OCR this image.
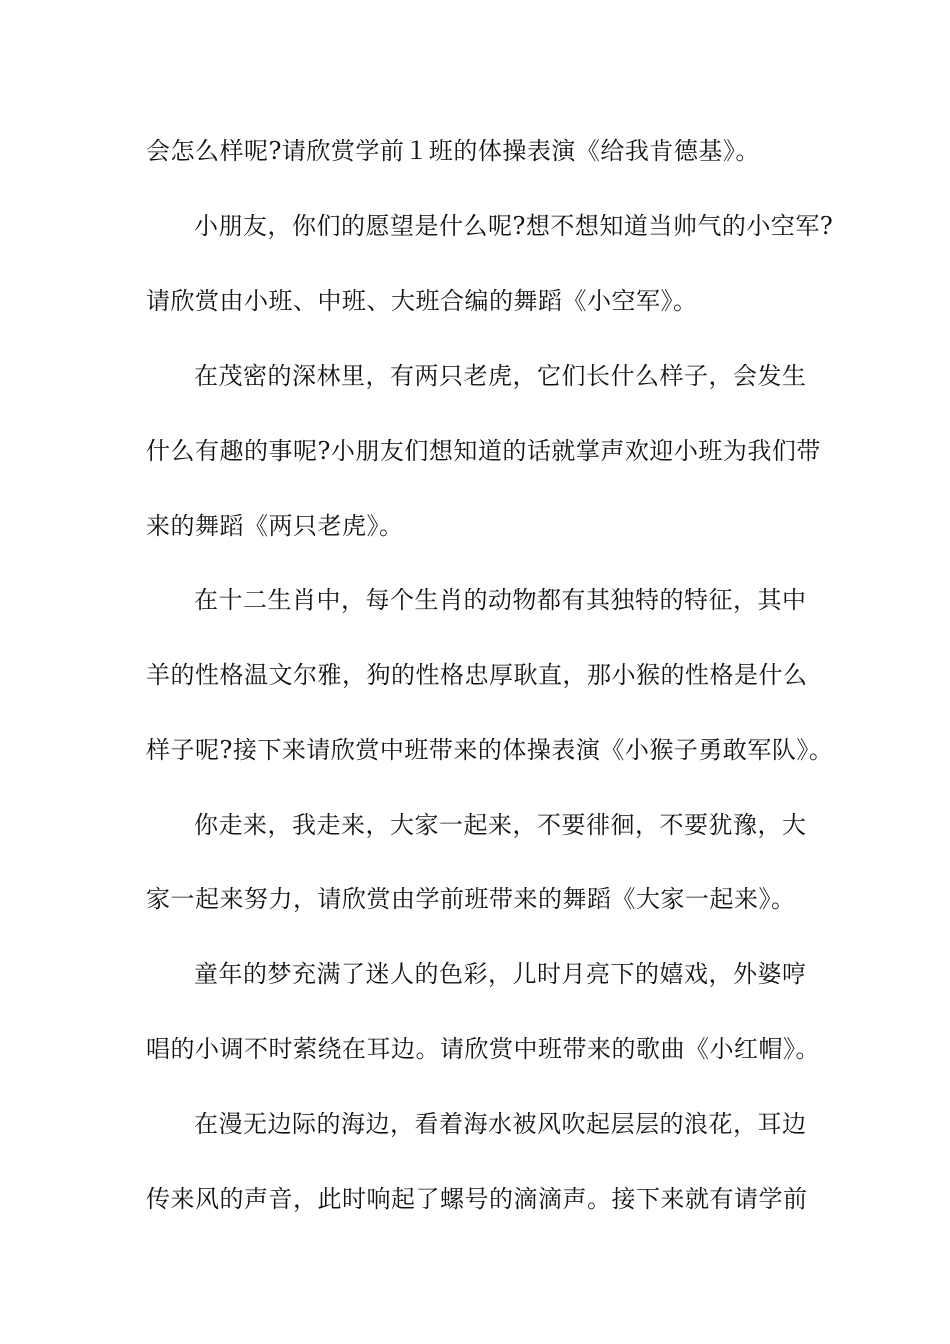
会怎么样呢?请欣赏学前１班的体操表演《给我肯德基》。

小朋友，你们的愿望是什么呢?想不想知道当帅气的小空军?

请欣赏由小班、中班、大班合编的舞蹈《小空军》。

在茂密的深林里，有两只老虎，它们长什么样子，会发生

什么有趣的事呢?小朋友们想知道的话就掌声欢迎小班为我们带

来的舞蹈《两只老虎》。

在十二生肖中，每个生肖的动物都有其独特的特征，其中

羊的性格温文尔雅，狗的性格忠厚耿直，那小猴的性格是什么

样子呢?接下来请欣赏中班带来的体操表演《小猴子勇敢军队》。

你走来，我走来，大家一起来，不要徘徊，不要犹豫，大

家一起来努力，请欣赏由学前班带来的舞蹈《大家一起来》。

童年的梦充满了迷人的色彩，儿时月亮下的嬉戏，外婆哼

唱的小调不时萦绕在耳边。请欣赏中班带来的歌曲《小红帽》。

在漫无边际的海边，看着海水被风吹起层层的浪花，耳边

传来风的声音，此时响起了螺号的滴滴声。接下来就有请学前
